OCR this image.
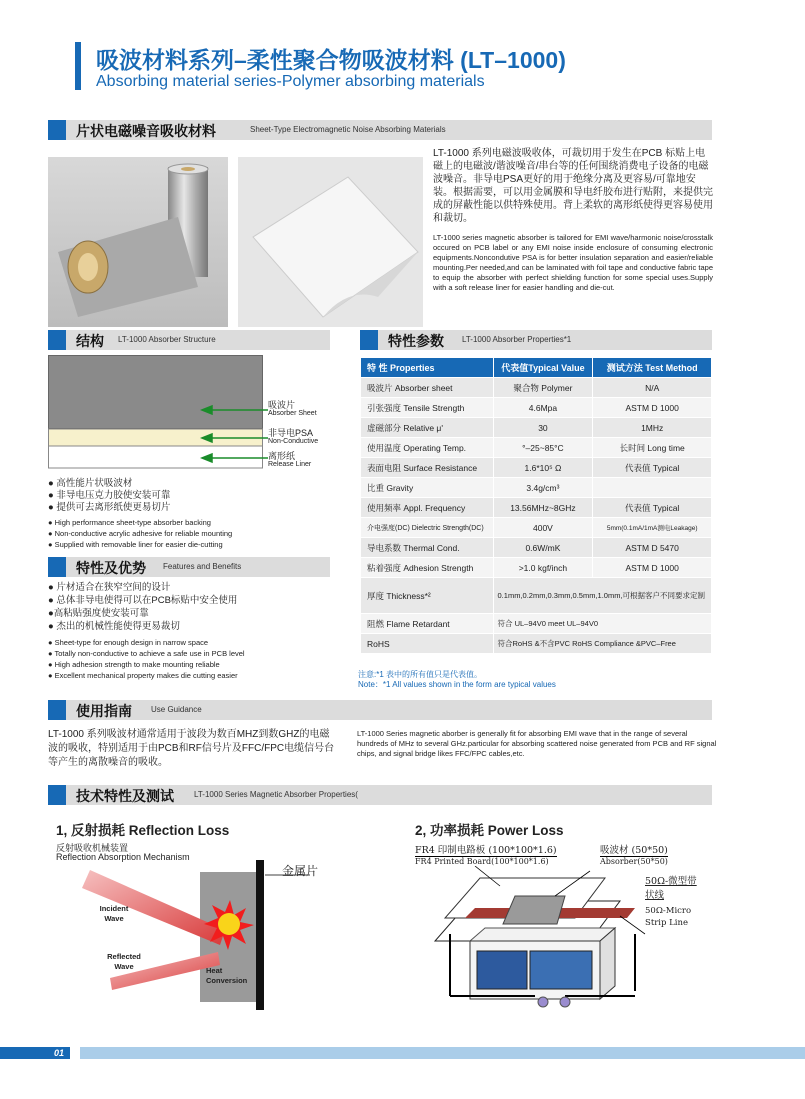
吸波材料系列–柔性聚合物吸波材料 (LT–1000)
Absorbing material series-Polymer absorbing materials
片状电磁噪音吸收材料	Sheet-Type Electromagnetic Noise Absorbing Materials
LT-1000 系列电磁波吸收体，可裁切用于发生在PCB 标贴上电磁上的电磁波/谐波噪音/串台等的任何围绕消费电子设备的电磁波噪音。非导电PSA更好的用于绝缘分离及更容易/可靠地安装。根据需要，可以用金属膜和导电纤胶布进行贴附，来提供完成的屏蔽性能以供特殊使用。背上柔软的离形纸使得更容易使用和裁切。
LT-1000 series magnetic absorber is tailored for EMI wave/harmonic noise/crosstalk occured on PCB label or any EMI noise inside enclosure of consuming electronic equipments.Noncondutive PSA is for better insulation separation and easier/reliable mounting.Per needed,and can be laminated with foil tape and conductive fabric tape to equip the absorber with perfect shielding function for some special uses.Supply with a soft release liner for easier handling and die-cut.
结构 LT-1000 Absorber Structure
吸波片
Absorber Sheet
非导电PSA
Non-Conductive
离形纸
Release Liner
● 高性能片状吸波材
● 非导电压克力胶使安装可靠
● 提供可去离形纸使更易切片
● High performance sheet-type absorber backing
● Non-conductive acrylic adhesive for reliable mounting
● Supplied with removable liner for easier die-cutting
特性及优势 Features and Benefits
● 片材适合在狭窄空间的设计
● 总体非导电使得可以在PCB标贴中安全使用
●高粘贴强度使安装可靠
● 杰出的机械性能使得更易裁切
● Sheet-type for enough design in narrow space
● Totally non-conductive to achieve a safe use in PCB level
● High adhesion strength to make mounting reliable
● Excellent mechanical property makes die cutting easier
特性参数 LT-1000 Absorber Properties*1
特 性 Properties	代表值Typical Value	测试方法 Test Method
吸波片 Absorber sheet	聚合物 Polymer	N/A
引张强度 Tensile Strength	4.6Mpa	ASTM D 1000
虚磁部分 Relative μ'	30	1MHz
使用温度 Operating Temp.	°–25~85°C	长时间 Long time
表面电阻 Surface Resistance	1.6*10⁵ Ω	代表值 Typical
比重 Gravity	3.4g/cm³	
使用频率 Appl. Frequency	13.56MHz~8GHz	代表值 Typical
介电强度(DC) Dielectric Strength(DC)	400V	5mm(0.1mA/1mA测电Leakage)
导电系数 Thermal Cond.	0.6W/mK	ASTM D 5470
粘着强度 Adhesion Strength	>1.0 kgf/inch	ASTM D 1000
厚度 Thickness*²	0.1mm,0.2mm,0.3mm,0.5mm,1.0mm,可根据客户不同要求定制	
阻燃 Flame Retardant	符合 UL–94V0 meet UL–94V0	
RoHS	符合RoHS &不含PVC RoHS Compliance &PVC–Free	
注意:*1 表中的所有值只是代表值。
Note：*1 All values shown in the form are typical values
使用指南 Use Guidance
LT-1000 系列吸波材通常适用于波段为数百MHZ到数GHZ的电磁波的吸收，特别适用于由PCB和RF信号片及FFC/FPC电缆信号台等产生的离散噪音的吸收。
LT-1000 Series magnetic aborber is generally fit for absorbing EMI wave that in the range of several hundreds of MHz to several GHz.particular for absorbing scattered noise generated from PCB and RF signal chips, and signal bridge likes FFC/FPC cables,etc.
技术特性及测试	LT-1000 Series Magnetic Absorber Properties(
1, 反射损耗 Reflection Loss
反射吸收机械装置
Reflection Absorption Mechanism
金属片
Incident Wave
Reflected Wave	Heat Conversion
2, 功率损耗 Power Loss
FR4 印制电路板 (100*100*1.6)
FR4 Printed Board(100*100*1.6)
吸波材 (50*50)
Absorber(50*50)
50Ω-微型带状线
50Ω-Micro Strip Line
01
